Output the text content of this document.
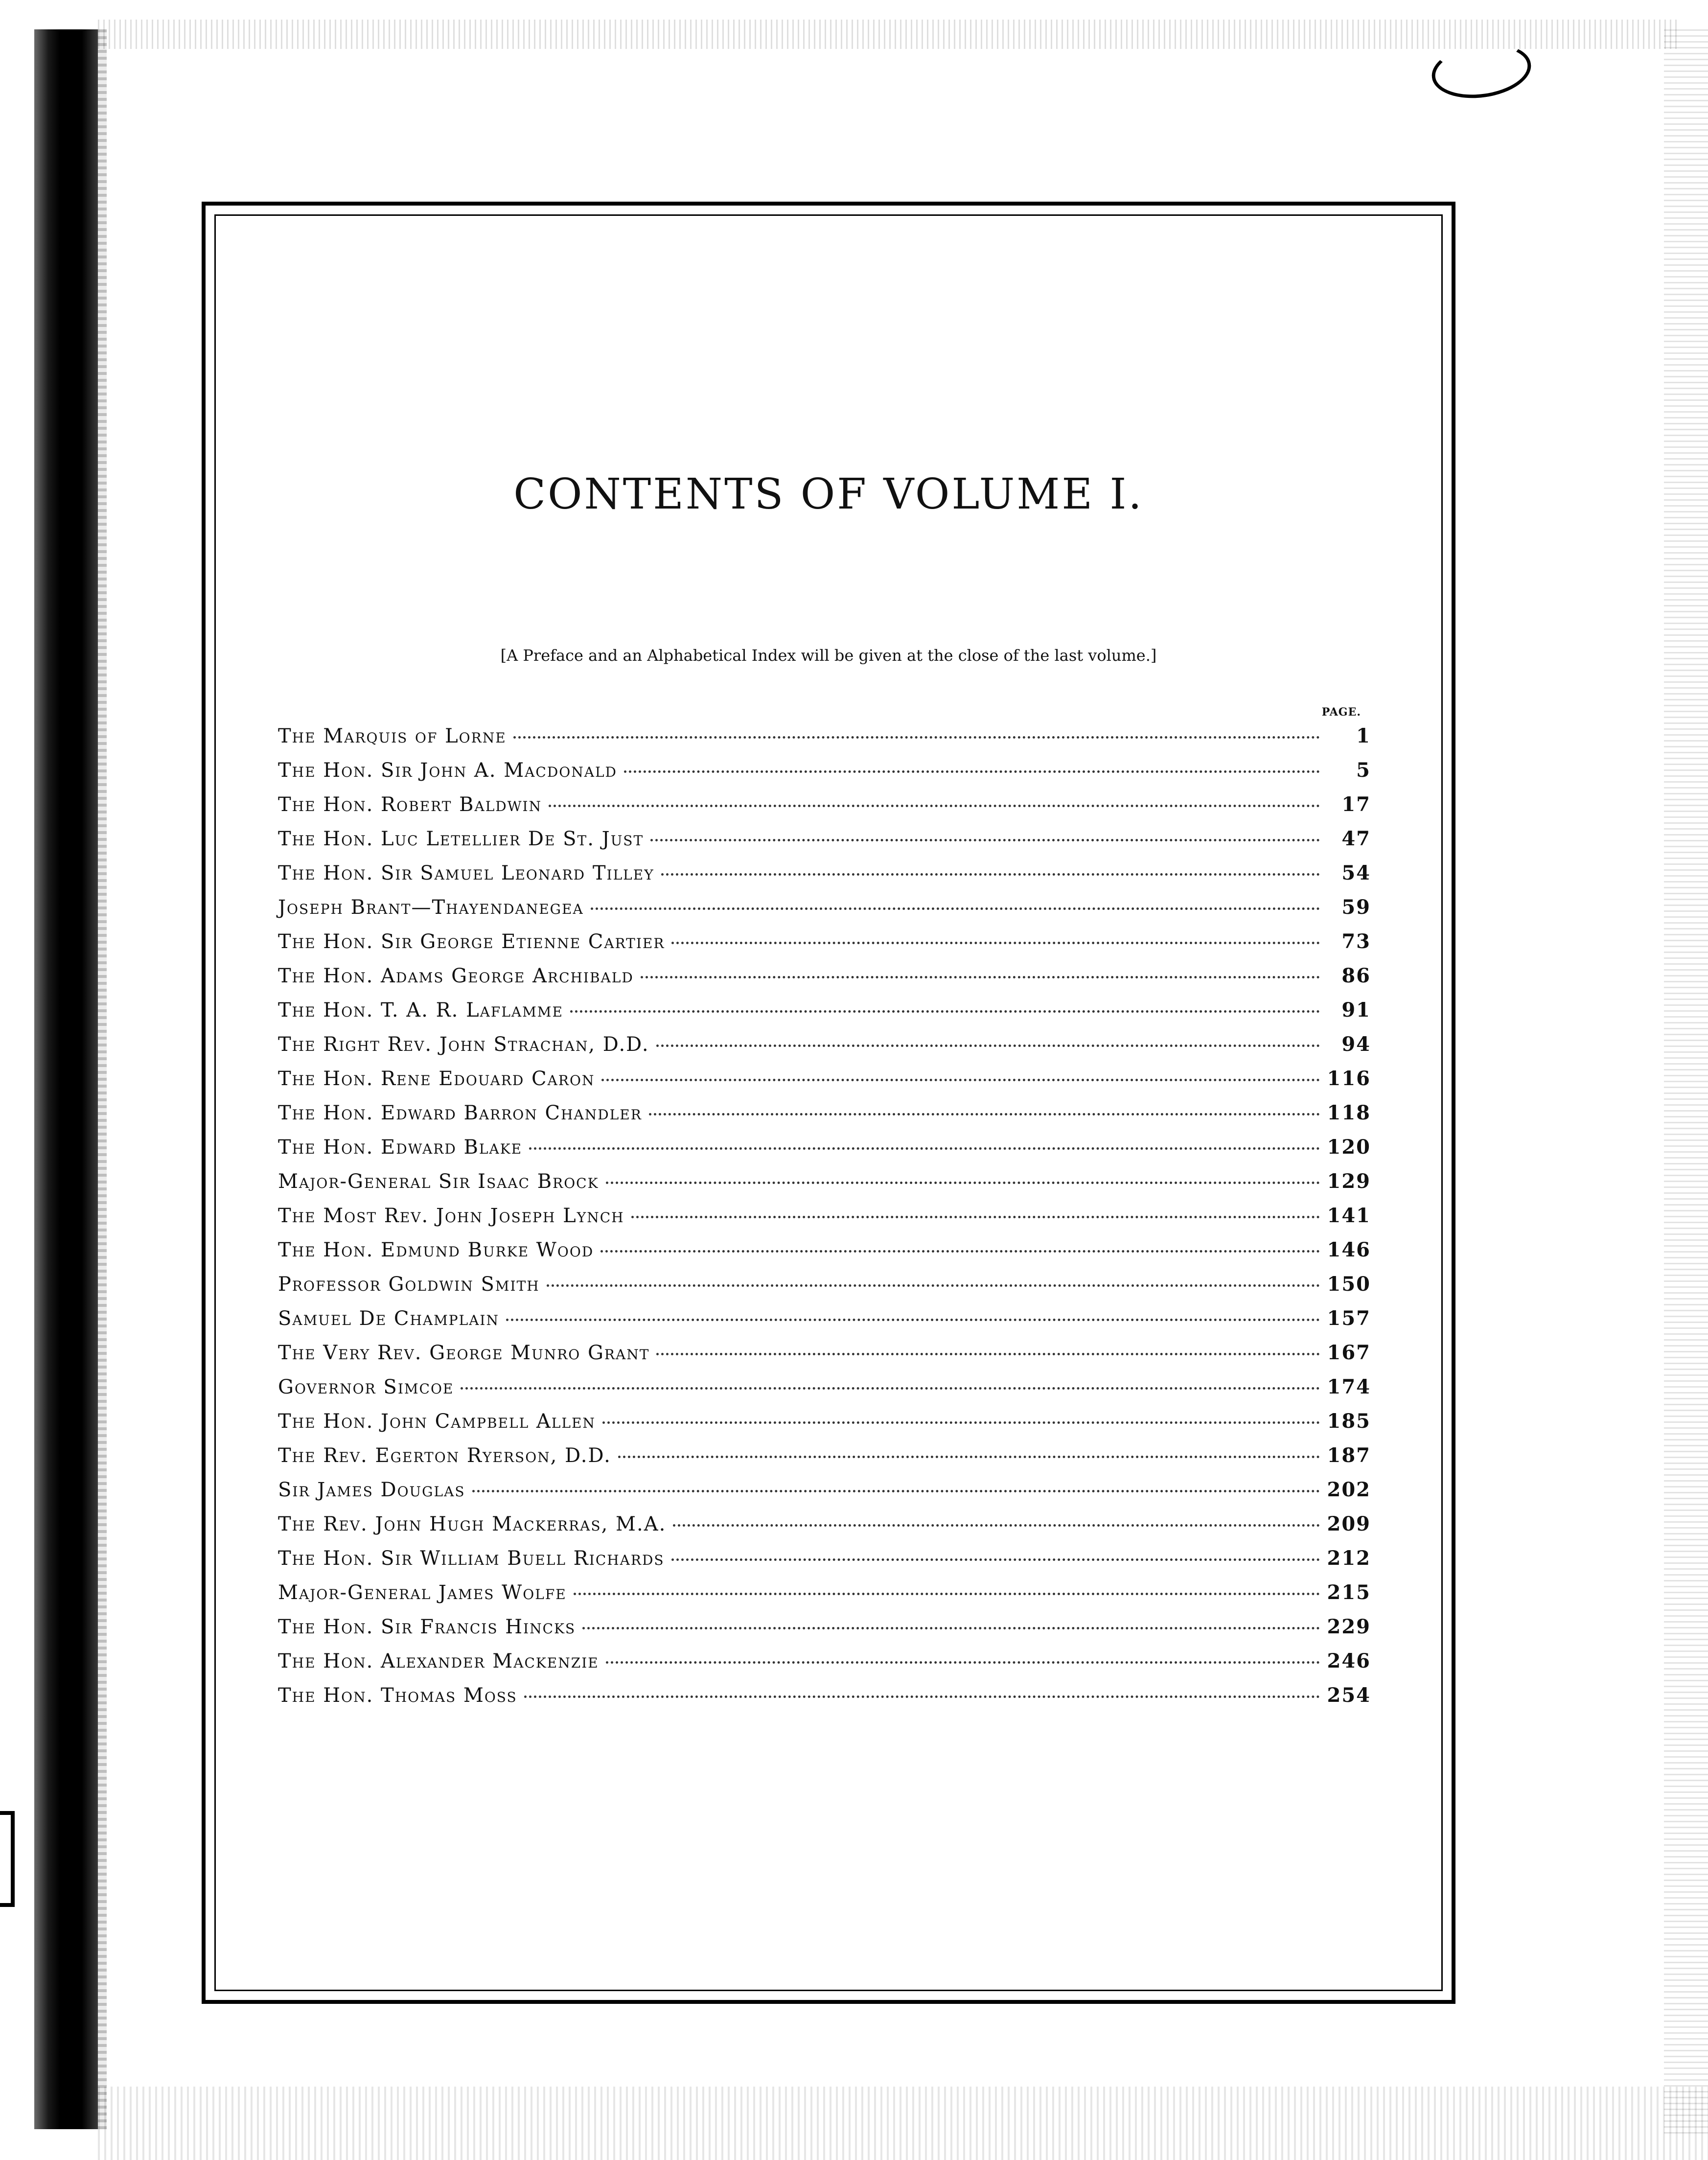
CONTENTS OF VOLUME I.

[A Preface and an Alphabetical Index will be given at the close of the last volume.]

PAGE.
The Marquis of Lorne	1
The Hon. Sir John A. Macdonald	5
The Hon. Robert Baldwin	17
The Hon. Luc Letellier De St. Just	47
The Hon. Sir Samuel Leonard Tilley	54
Joseph Brant—Thayendanegea	59
The Hon. Sir George Etienne Cartier	73
The Hon. Adams George Archibald	86
The Hon. T. A. R. Laflamme	91
The Right Rev. John Strachan, D.D.	94
The Hon. Rene Edouard Caron	116
The Hon. Edward Barron Chandler	118
The Hon. Edward Blake	120
Major-General Sir Isaac Brock	129
The Most Rev. John Joseph Lynch	141
The Hon. Edmund Burke Wood	146
Professor Goldwin Smith	150
Samuel De Champlain	157
The Very Rev. George Munro Grant	167
Governor Simcoe	174
The Hon. John Campbell Allen	185
The Rev. Egerton Ryerson, D.D.	187
Sir James Douglas	202
The Rev. John Hugh Mackerras, M.A.	209
The Hon. Sir William Buell Richards	212
Major-General James Wolfe	215
The Hon. Sir Francis Hincks	229
The Hon. Alexander Mackenzie	246
The Hon. Thomas Moss	254
